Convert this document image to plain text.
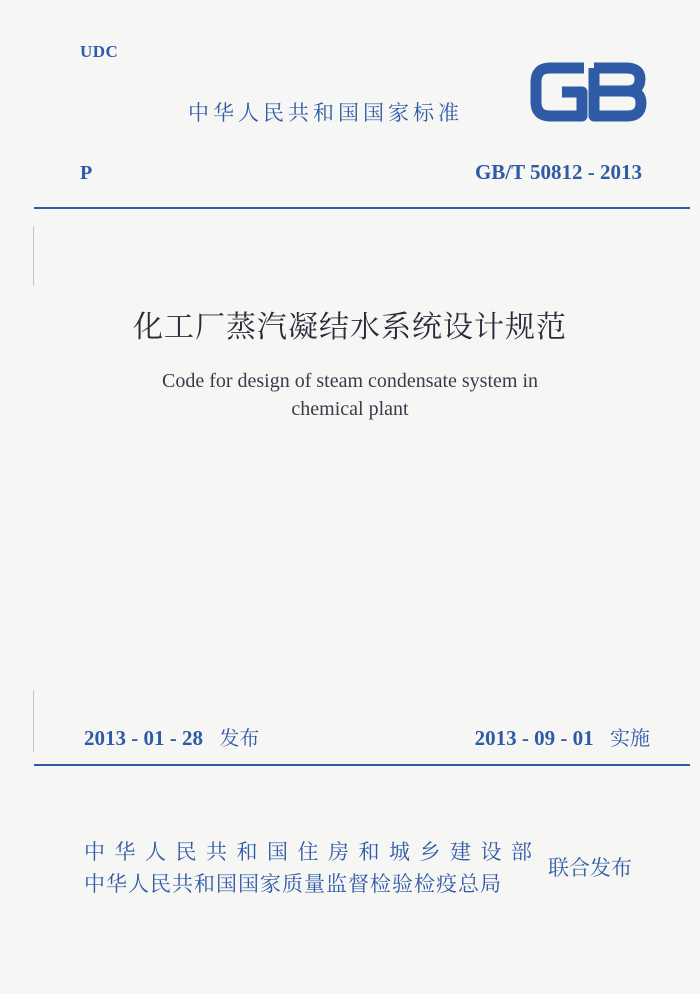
UDC
中华人民共和国国家标准
P	GB/T 50812 - 2013
化工厂蒸汽凝结水系统设计规范
Code for design of steam condensate system in
chemical plant
2013 - 01 - 28 发布	2013 - 09 - 01 实施
中华人民共和国住房和城乡建设部
中华人民共和国国家质量监督检验检疫总局
联合发布
